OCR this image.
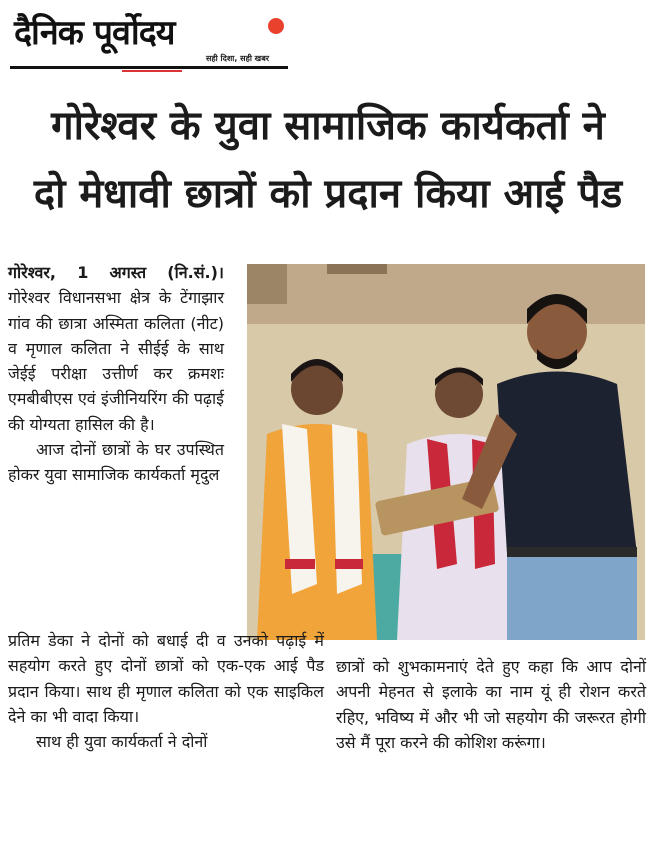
दैनिक पूर्वोदय
सही दिशा, सही खबर
गोरेश्वर के युवा सामाजिक कार्यकर्ता ने
दो मेधावी छात्रों को प्रदान किया आई पैड

गोरेश्वर, 1 अगस्त (नि.सं.)। गोरेश्वर विधानसभा क्षेत्र के टेंगाझार गांव की छात्रा अस्मिता कलिता (नीट) व मृणाल कलिता ने सीईई के साथ जेईई परीक्षा उत्तीर्ण कर क्रमशः एमबीबीएस एवं इंजीनियरिंग की पढ़ाई की योग्यता हासिल की है।

आज दोनों छात्रों के घर उपस्थित होकर युवा सामाजिक कार्यकर्ता मृदुल

प्रतिम डेका ने दोनों को बधाई दी व उनको पढ़ाई में सहयोग करते हुए दोनों छात्रों को एक-एक आई पैड प्रदान किया। साथ ही मृणाल कलिता को एक साइकिल देने का भी वादा किया।

साथ ही युवा कार्यकर्ता ने दोनों

छात्रों को शुभकामनाएं देते हुए कहा कि आप दोनों अपनी मेहनत से इलाके का नाम यूं ही रोशन करते रहिए, भविष्य में और भी जो सहयोग की जरूरत होगी उसे मैं पूरा करने की कोशिश करूंगा।
